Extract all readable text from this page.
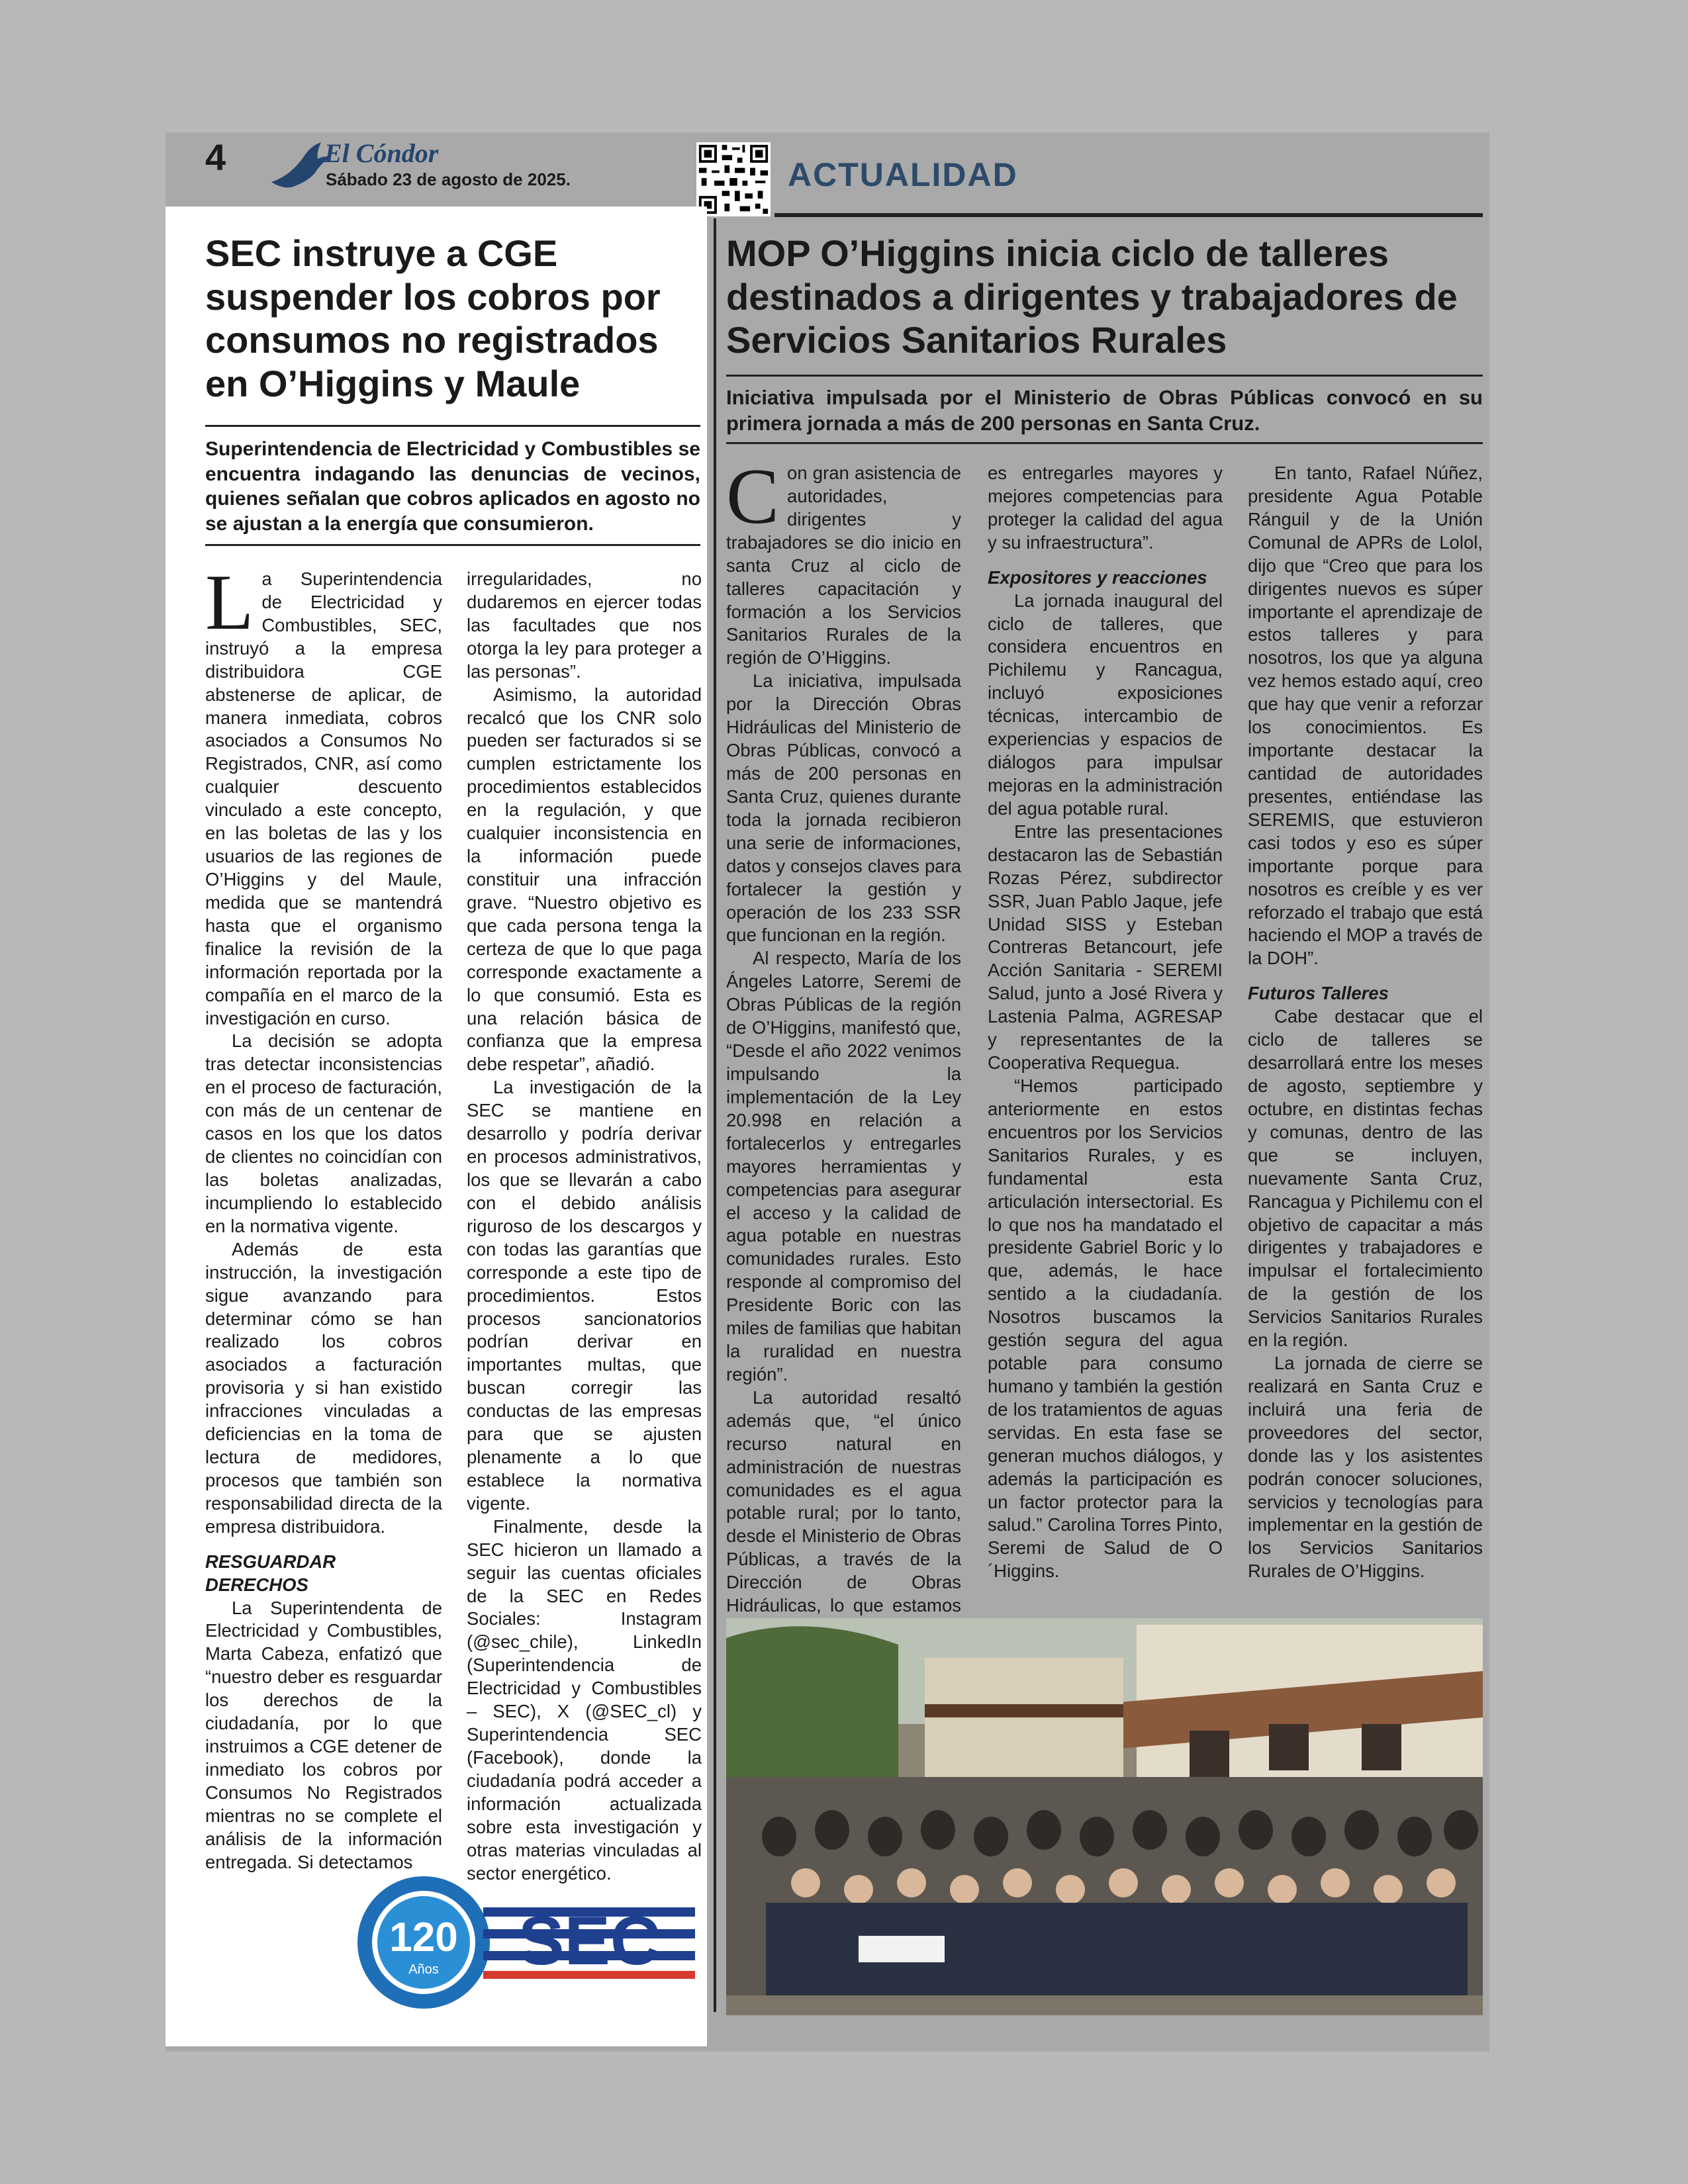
4	El Cóndor
Sábado 23 de agosto de 2025.	ACTUALIDAD
SEC instruye a CGE suspender los cobros por consumos no registrados en O’Higgins y Maule
Superintendencia de Electricidad y Combustibles se encuentra indagando las denuncias de vecinos, quienes señalan que cobros aplicados en agosto no se ajustan a la energía que consumieron.
L a Superintendencia de Electricidad y Combustibles, SEC, instruyó a la empresa distribuidora CGE abstenerse de aplicar, de manera inmediata, cobros asociados a Consumos No Registrados, CNR, así como cualquier descuento vinculado a este concepto, en las boletas de las y los usuarios de las regiones de O’Higgins y del Maule, medida que se mantendrá hasta que el organismo finalice la revisión de la información reportada por la compañía en el marco de la investigación en curso.

La decisión se adopta tras detectar inconsistencias en el proceso de facturación, con más de un centenar de casos en los que los datos de clientes no coincidían con las boletas analizadas, incumpliendo lo establecido en la normativa vigente.

Además de esta instrucción, la investigación sigue avanzando para determinar cómo se han realizado los cobros asociados a facturación provisoria y si han existido infracciones vinculadas a deficiencias en la toma de lectura de medidores, procesos que también son responsabilidad directa de la empresa distribuidora.

RESGUARDAR DERECHOS

La Superintendenta de Electricidad y Combustibles, Marta Cabeza, enfatizó que “nuestro deber es resguardar los derechos de la ciudadanía, por lo que instruimos a CGE detener de inmediato los cobros por Consumos No Registrados mientras no se complete el análisis de la información entregada. Si detectamos

irregularidades, no dudaremos en ejercer todas las facultades que nos otorga la ley para proteger a las personas”.

Asimismo, la autoridad recalcó que los CNR solo pueden ser facturados si se cumplen estrictamente los procedimientos establecidos en la regulación, y que cualquier inconsistencia en la información puede constituir una infracción grave. “Nuestro objetivo es que cada persona tenga la certeza de que lo que paga corresponde exactamente a lo que consumió. Esta es una relación básica de confianza que la empresa debe respetar”, añadió.

La investigación de la SEC se mantiene en desarrollo y podría derivar en procesos administrativos, los que se llevarán a cabo con el debido análisis riguroso de los descargos y con todas las garantías que corresponde a este tipo de procedimientos. Estos procesos sancionatorios podrían derivar en importantes multas, que buscan corregir las conductas de las empresas para que se ajusten plenamente a lo que establece la normativa vigente.

Finalmente, desde la SEC hicieron un llamado a seguir las cuentas oficiales de la SEC en Redes Sociales: Instagram (@sec_chile), LinkedIn (Superintendencia de Electricidad y Combustibles – SEC), X (@SEC_cl) y Superintendencia SEC (Facebook), donde la ciudadanía podrá acceder a información actualizada sobre esta investigación y otras materias vinculadas al sector energético.

120
Años SEC
MOP O’Higgins inicia ciclo de talleres destinados a dirigentes y trabajadores de Servicios Sanitarios Rurales
Iniciativa impulsada por el Ministerio de Obras Públicas convocó en su primera jornada a más de 200 personas en Santa Cruz.
C on gran asistencia de autoridades, dirigentes y trabajadores se dio inicio en santa Cruz al ciclo de talleres capacitación y formación a los Servicios Sanitarios Rurales de la región de O’Higgins.

La iniciativa, impulsada por la Dirección Obras Hidráulicas del Ministerio de Obras Públicas, convocó a más de 200 personas en Santa Cruz, quienes durante toda la jornada recibieron una serie de informaciones, datos y consejos claves para fortalecer la gestión y operación de los 233 SSR que funcionan en la región.

Al respecto, María de los Ángeles Latorre, Seremi de Obras Públicas de la región de O’Higgins, manifestó que, “Desde el año 2022 venimos impulsando la implementación de la Ley 20.998 en relación a fortalecerlos y entregarles mayores herramientas y competencias para asegurar el acceso y la calidad de agua potable en nuestras comunidades rurales. Esto responde al compromiso del Presidente Boric con las miles de familias que habitan la ruralidad en nuestra región”.

La autoridad resaltó además que, “el único recurso natural en administración de nuestras comunidades es el agua potable rural; por lo tanto, desde el Ministerio de Obras Públicas, a través de la Dirección de Obras Hidráulicas, lo que estamos

es entregarles mayores y mejores competencias para proteger la calidad del agua y su infraestructura”.

Expositores y reacciones

La jornada inaugural del ciclo de talleres, que considera encuentros en Pichilemu y Rancagua, incluyó exposiciones técnicas, intercambio de experiencias y espacios de diálogos para impulsar mejoras en la administración del agua potable rural.

Entre las presentaciones destacaron las de Sebastián Rozas Pérez, subdirector SSR, Juan Pablo Jaque, jefe Unidad SISS y Esteban Contreras Betancourt, jefe Acción Sanitaria - SEREMI Salud, junto a José Rivera y Lastenia Palma, AGRESAP y representantes de la Cooperativa Requegua.

“Hemos participado anteriormente en estos encuentros por los Servicios Sanitarios Rurales, y es fundamental esta articulación intersectorial. Es lo que nos ha mandatado el presidente Gabriel Boric y lo que, además, le hace sentido a la ciudadanía. Nosotros buscamos la gestión segura del agua potable para consumo humano y también la gestión de los tratamientos de aguas servidas. En esta fase se generan muchos diálogos, y además la participación es un factor protector para la salud.” Carolina Torres Pinto, Seremi de Salud de O´Higgins.

En tanto, Rafael Núñez, presidente Agua Potable Ránguil y de la Unión Comunal de APRs de Lolol, dijo que “Creo que para los dirigentes nuevos es súper importante el aprendizaje de estos talleres y para nosotros, los que ya alguna vez hemos estado aquí, creo que hay que venir a reforzar los conocimientos. Es importante destacar la cantidad de autoridades presentes, entiéndase las SEREMIS, que estuvieron casi todos y eso es súper importante porque para nosotros es creíble y es ver reforzado el trabajo que está haciendo el MOP a través de la DOH”.

Futuros Talleres

Cabe destacar que el ciclo de talleres se desarrollará entre los meses de agosto, septiembre y octubre, en distintas fechas y comunas, dentro de las que se incluyen, nuevamente Santa Cruz, Rancagua y Pichilemu con el objetivo de capacitar a más dirigentes y trabajadores e impulsar el fortalecimiento de la gestión de los Servicios Sanitarios Rurales en la región.

La jornada de cierre se realizará en Santa Cruz e incluirá una feria de proveedores del sector, donde las y los asistentes podrán conocer soluciones, servicios y tecnologías para implementar en la gestión de los Servicios Sanitarios Rurales de O’Higgins.
